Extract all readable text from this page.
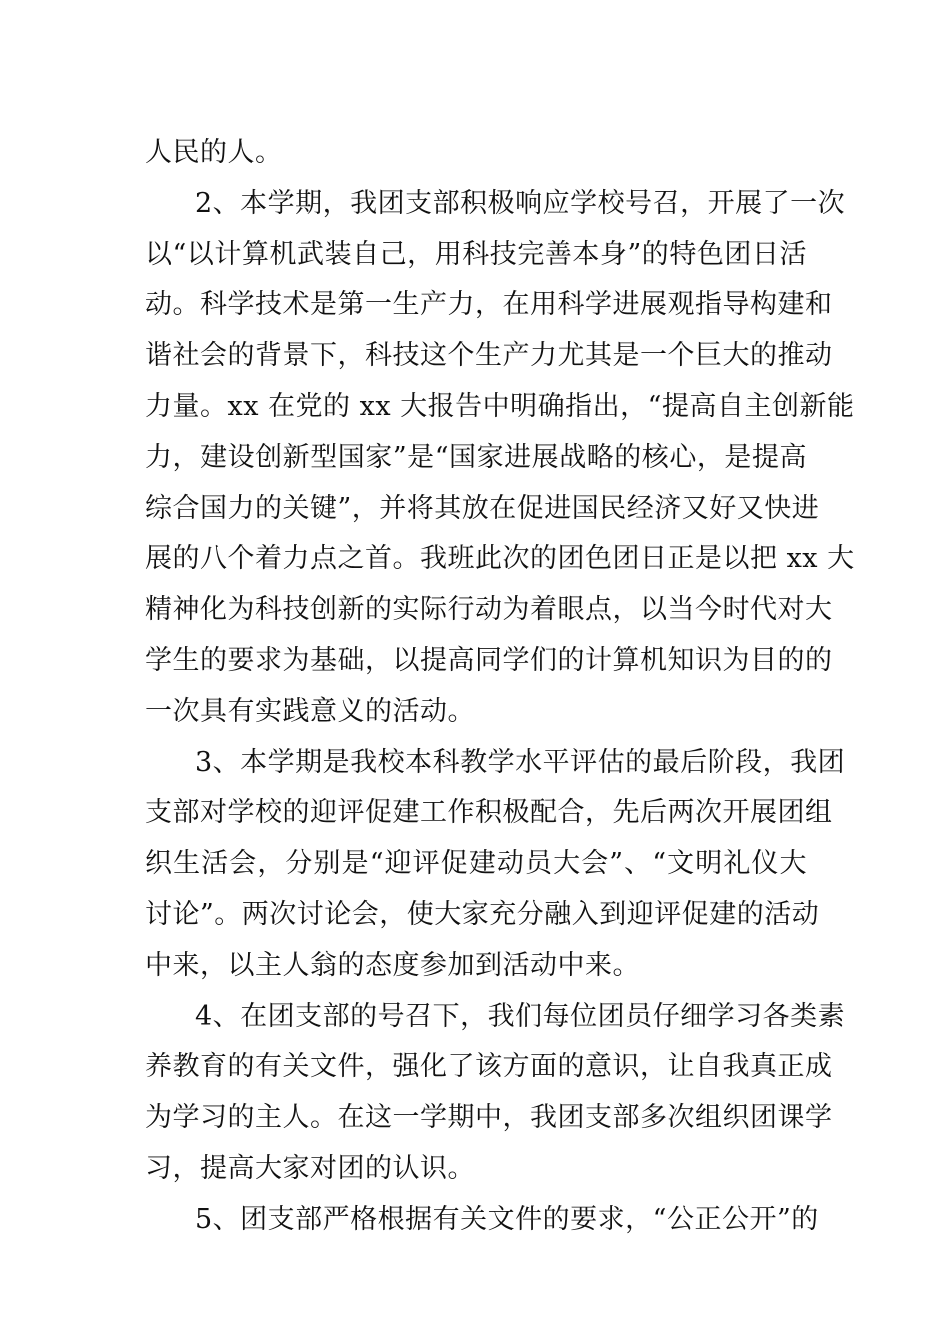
人民的人。
2、本学期，我团支部积极响应学校号召，开展了一次
以“以计算机武装自己，用科技完善本身”的特色团日活
动。科学技术是第一生产力，在用科学进展观指导构建和
谐社会的背景下，科技这个生产力尤其是一个巨大的推动
力量。xx 在党的 xx 大报告中明确指出，“提高自主创新能
力，建设创新型国家”是“国家进展战略的核心，是提高
综合国力的关键”，并将其放在促进国民经济又好又快进
展的八个着力点之首。我班此次的团色团日正是以把 xx 大
精神化为科技创新的实际行动为着眼点，以当今时代对大
学生的要求为基础，以提高同学们的计算机知识为目的的
一次具有实践意义的活动。
3、本学期是我校本科教学水平评估的最后阶段，我团
支部对学校的迎评促建工作积极配合，先后两次开展团组
织生活会，分别是“迎评促建动员大会”、“文明礼仪大
讨论”。两次讨论会，使大家充分融入到迎评促建的活动
中来，以主人翁的态度参加到活动中来。
4、在团支部的号召下，我们每位团员仔细学习各类素
养教育的有关文件，强化了该方面的意识，让自我真正成
为学习的主人。在这一学期中，我团支部多次组织团课学
习，提高大家对团的认识。
5、团支部严格根据有关文件的要求，“公正公开”的
